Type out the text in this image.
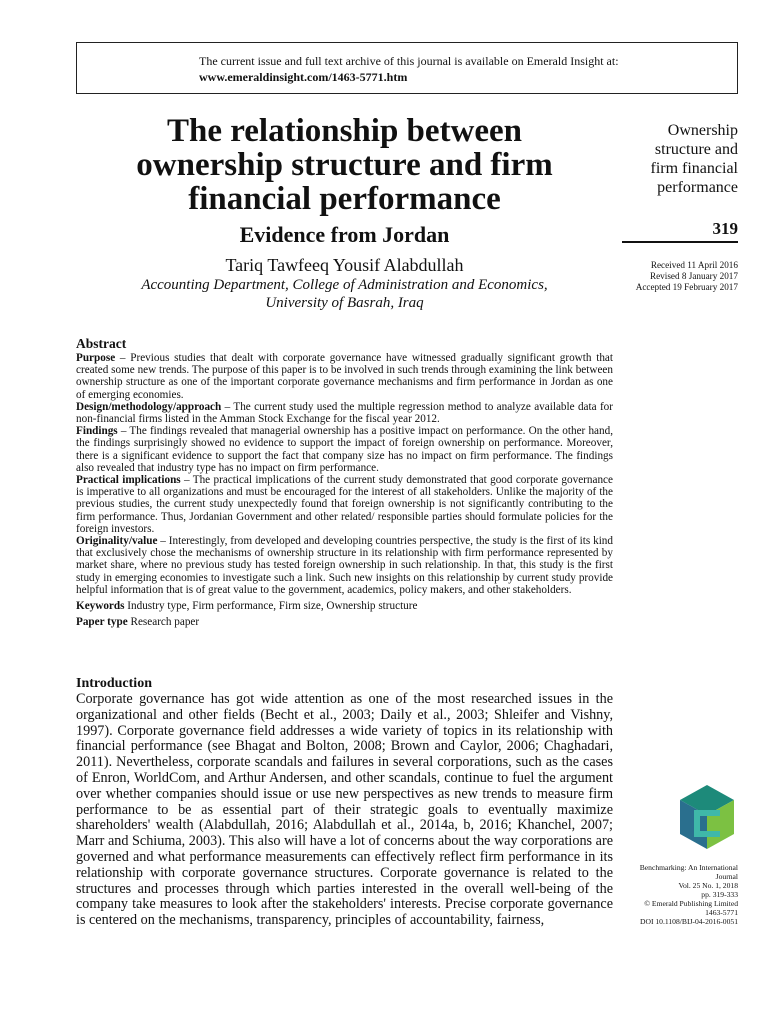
The current issue and full text archive of this journal is available on Emerald Insight at:
www.emeraldinsight.com/1463-5771.htm
The relationship between
ownership structure and firm
financial performance
Evidence from Jordan
Tariq Tawfeeq Yousif Alabdullah
Accounting Department, College of Administration and Economics,
University of Basrah, Iraq
Ownership
structure and
firm financial
performance
319
Received 11 April 2016
Revised 8 January 2017
Accepted 19 February 2017
Abstract

Purpose – Previous studies that dealt with corporate governance have witnessed gradually significant growth that created some new trends. The purpose of this paper is to be involved in such trends through examining the link between ownership structure as one of the important corporate governance mechanisms and firm performance in Jordan as one of emerging economies.

Design/methodology/approach – The current study used the multiple regression method to analyze available data for non-financial firms listed in the Amman Stock Exchange for the fiscal year 2012.

Findings – The findings revealed that managerial ownership has a positive impact on performance. On the other hand, the findings surprisingly showed no evidence to support the impact of foreign ownership on performance. Moreover, there is a significant evidence to support the fact that company size has no impact on firm performance. The findings also revealed that industry type has no impact on firm performance.

Practical implications – The practical implications of the current study demonstrated that good corporate governance is imperative to all organizations and must be encouraged for the interest of all stakeholders. Unlike the majority of the previous studies, the current study unexpectedly found that foreign ownership is not significantly contributing to the firm performance. Thus, Jordanian Government and other related/ responsible parties should formulate policies for the foreign investors.

Originality/value – Interestingly, from developed and developing countries perspective, the study is the first of its kind that exclusively chose the mechanisms of ownership structure in its relationship with firm performance represented by market share, where no previous study has tested foreign ownership in such relationship. In that, this study is the first study in emerging economies to investigate such a link. Such new insights on this relationship by current study provide helpful information that is of great value to the government, academics, policy makers, and other stakeholders.

Keywords Industry type, Firm performance, Firm size, Ownership structure

Paper type Research paper

Introduction

Corporate governance has got wide attention as one of the most researched issues in the organizational and other fields (Becht et al., 2003; Daily et al., 2003; Shleifer and Vishny, 1997). Corporate governance field addresses a wide variety of topics in its relationship with financial performance (see Bhagat and Bolton, 2008; Brown and Caylor, 2006; Chaghadari, 2011). Nevertheless, corporate scandals and failures in several corporations, such as the cases of Enron, WorldCom, and Arthur Andersen, and other scandals, continue to fuel the argument over whether companies should issue or use new perspectives as new trends to measure firm performance to be as essential part of their strategic goals to eventually maximize shareholders' wealth (Alabdullah, 2016; Alabdullah et al., 2014a, b, 2016; Khanchel, 2007; Marr and Schiuma, 2003). This also will have a lot of concerns about the way corporations are governed and what performance measurements can effectively reflect firm performance in its relationship with corporate governance structures. Corporate governance is related to the structures and processes through which parties interested in the overall well-being of the company take measures to look after the stakeholders' interests. Precise corporate governance is centered on the mechanisms, transparency, principles of accountability, fairness,

Benchmarking: An International
Journal
Vol. 25 No. 1, 2018
pp. 319-333
© Emerald Publishing Limited
1463-5771
DOI 10.1108/BIJ-04-2016-0051
